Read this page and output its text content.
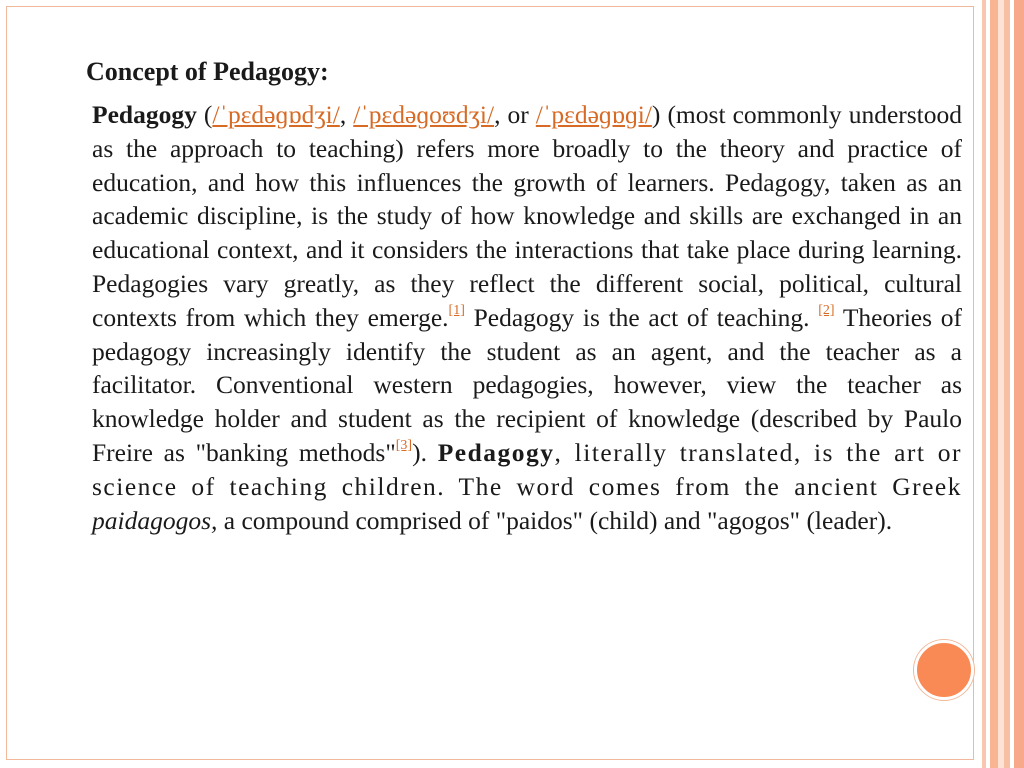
Concept of Pedagogy:

Pedagogy (/ˈpɛdəɡɒdʒi/, /ˈpɛdəɡoʊdʒi/, or /ˈpɛdəɡɒɡi/) (most commonly understood as the approach to teaching) refers more broadly to the theory and practice of education, and how this influences the growth of learners. Pedagogy, taken as an academic discipline, is the study of how knowledge and skills are exchanged in an educational context, and it considers the interactions that take place during learning. Pedagogies vary greatly, as they reflect the different social, political, cultural contexts from which they emerge.[1] Pedagogy is the act of teaching. [2] Theories of pedagogy increasingly identify the student as an agent, and the teacher as a facilitator. Conventional western pedagogies, however, view the teacher as knowledge holder and student as the recipient of knowledge (described by Paulo Freire as "banking methods"[3]). Pedagogy, literally translated, is the art or science of teaching children. The word comes from the ancient Greek paidagogos, a compound comprised of "paidos" (child) and "agogos" (leader).
